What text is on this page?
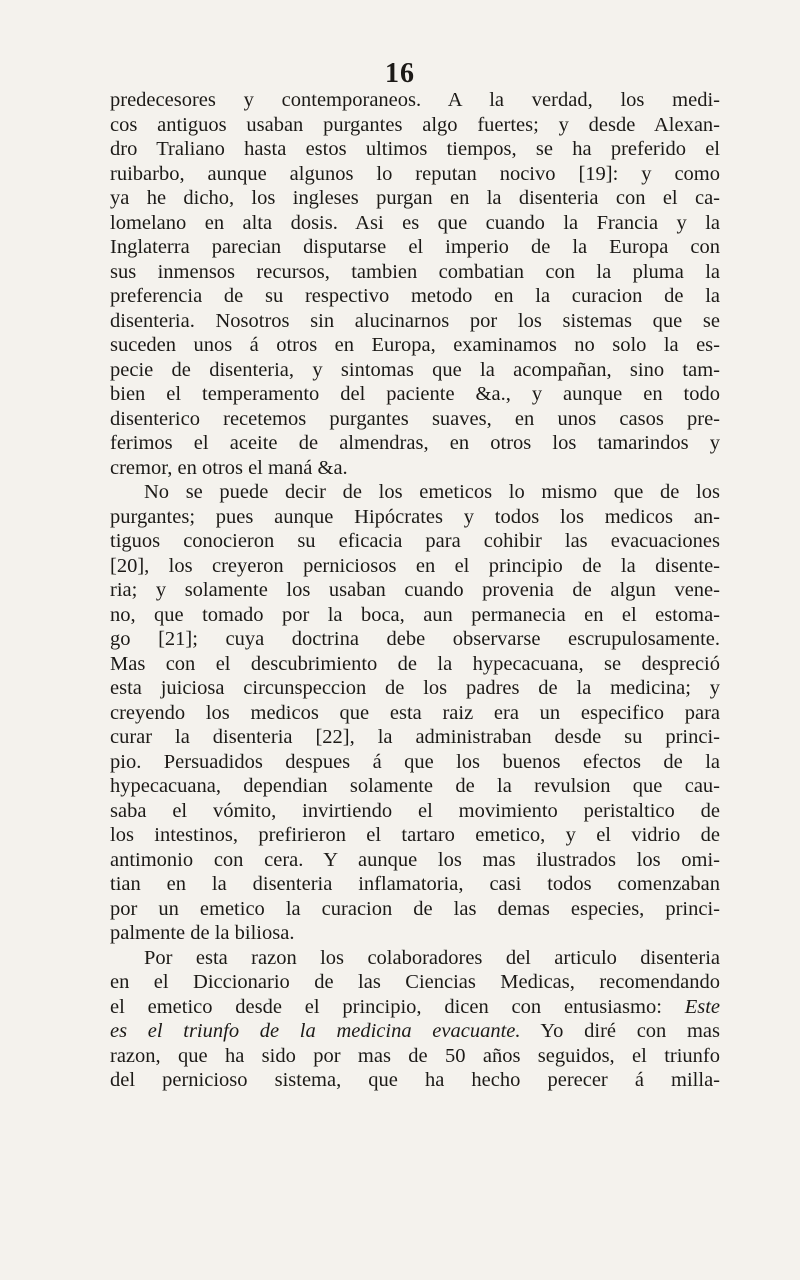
16
predecesores y contemporaneos. A la verdad, los medi-
cos antiguos usaban purgantes algo fuertes; y desde Alexan-
dro Traliano hasta estos ultimos tiempos, se ha preferido el
ruibarbo, aunque algunos lo reputan nocivo [19]: y como
ya he dicho, los ingleses purgan en la disenteria con el ca-
lomelano en alta dosis. Asi es que cuando la Francia y la
Inglaterra parecian disputarse el imperio de la Europa con
sus inmensos recursos, tambien combatian con la pluma la
preferencia de su respectivo metodo en la curacion de la
disenteria. Nosotros sin alucinarnos por los sistemas que se
suceden unos á otros en Europa, examinamos no solo la es-
pecie de disenteria, y sintomas que la acompañan, sino tam-
bien el temperamento del paciente &a., y aunque en todo
disenterico recetemos purgantes suaves, en unos casos pre-
ferimos el aceite de almendras, en otros los tamarindos y
cremor, en otros el maná &a.
No se puede decir de los emeticos lo mismo que de los
purgantes; pues aunque Hipócrates y todos los medicos an-
tiguos conocieron su eficacia para cohibir las evacuaciones
[20], los creyeron perniciosos en el principio de la disente-
ria; y solamente los usaban cuando provenia de algun vene-
no, que tomado por la boca, aun permanecia en el estoma-
go [21]; cuya doctrina debe observarse escrupulosamente.
Mas con el descubrimiento de la hypecacuana, se despreció
esta juiciosa circunspeccion de los padres de la medicina; y
creyendo los medicos que esta raiz era un especifico para
curar la disenteria [22], la administraban desde su princi-
pio. Persuadidos despues á que los buenos efectos de la
hypecacuana, dependian solamente de la revulsion que cau-
saba el vómito, invirtiendo el movimiento peristaltico de
los intestinos, prefirieron el tartaro emetico, y el vidrio de
antimonio con cera. Y aunque los mas ilustrados los omi-
tian en la disenteria inflamatoria, casi todos comenzaban
por un emetico la curacion de las demas especies, princi-
palmente de la biliosa.
Por esta razon los colaboradores del articulo disenteria
en el Diccionario de las Ciencias Medicas, recomendando
el emetico desde el principio, dicen con entusiasmo: Este
es el triunfo de la medicina evacuante. Yo diré con mas
razon, que ha sido por mas de 50 años seguidos, el triunfo
del pernicioso sistema, que ha hecho perecer á milla-
